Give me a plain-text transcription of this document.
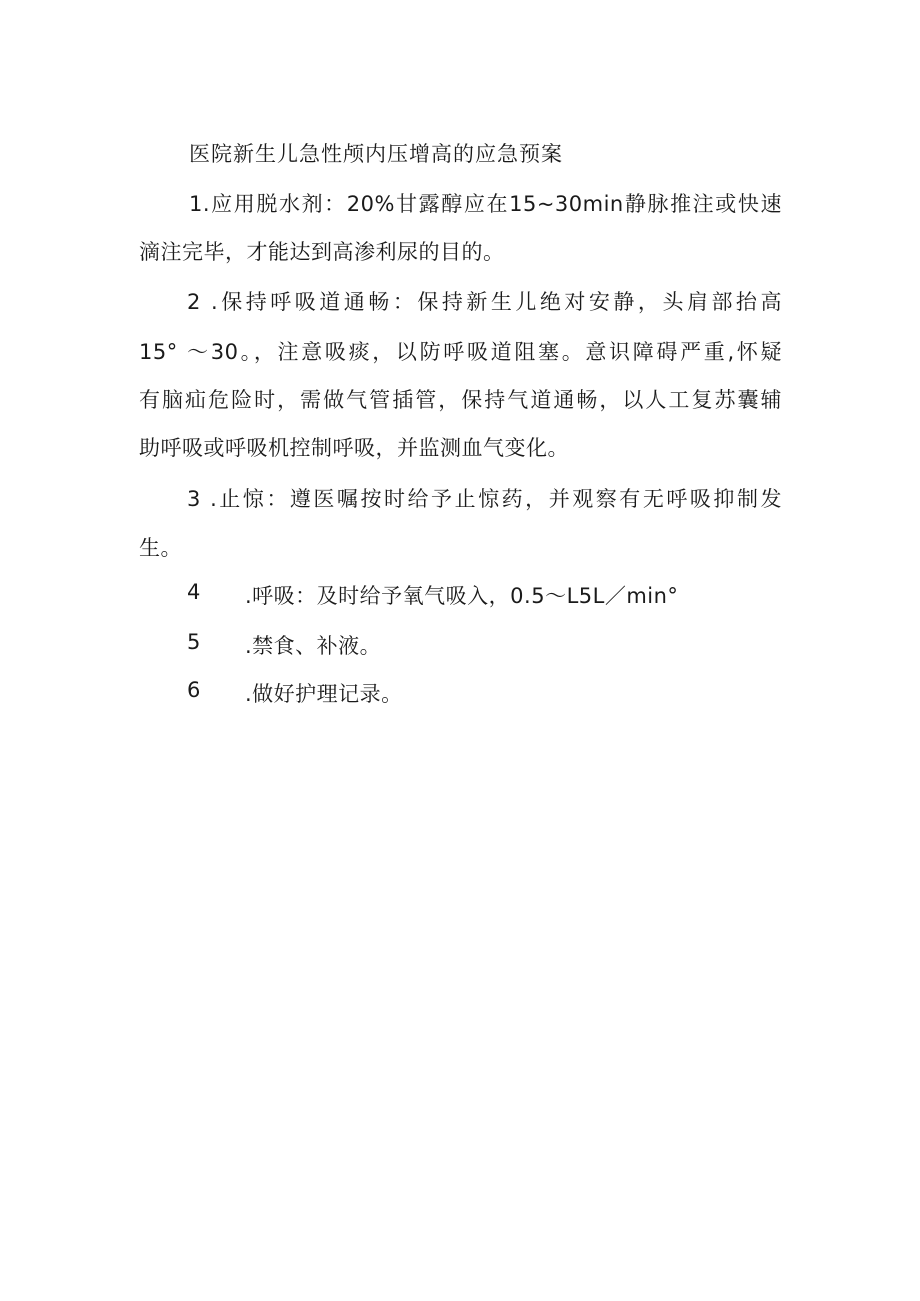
医院新生儿急性颅内压增高的应急预案
1.应用脱水剂：20%甘露醇应在15~30min静脉推注或快速
滴注完毕，才能达到高渗利尿的目的。
2 .保持呼吸道通畅：保持新生儿绝对安静，头肩部抬高
15° ～30。，注意吸痰，以防呼吸道阻塞。意识障碍严重,怀疑
有脑疝危险时，需做气管插管，保持气道通畅，以人工复苏囊辅
助呼吸或呼吸机控制呼吸，并监测血气变化。
3 .止惊：遵医嘱按时给予止惊药，并观察有无呼吸抑制发
生。
4 .呼吸：及时给予氧气吸入，0.5～L5L／min°
5 .禁食、补液。
6 .做好护理记录。
